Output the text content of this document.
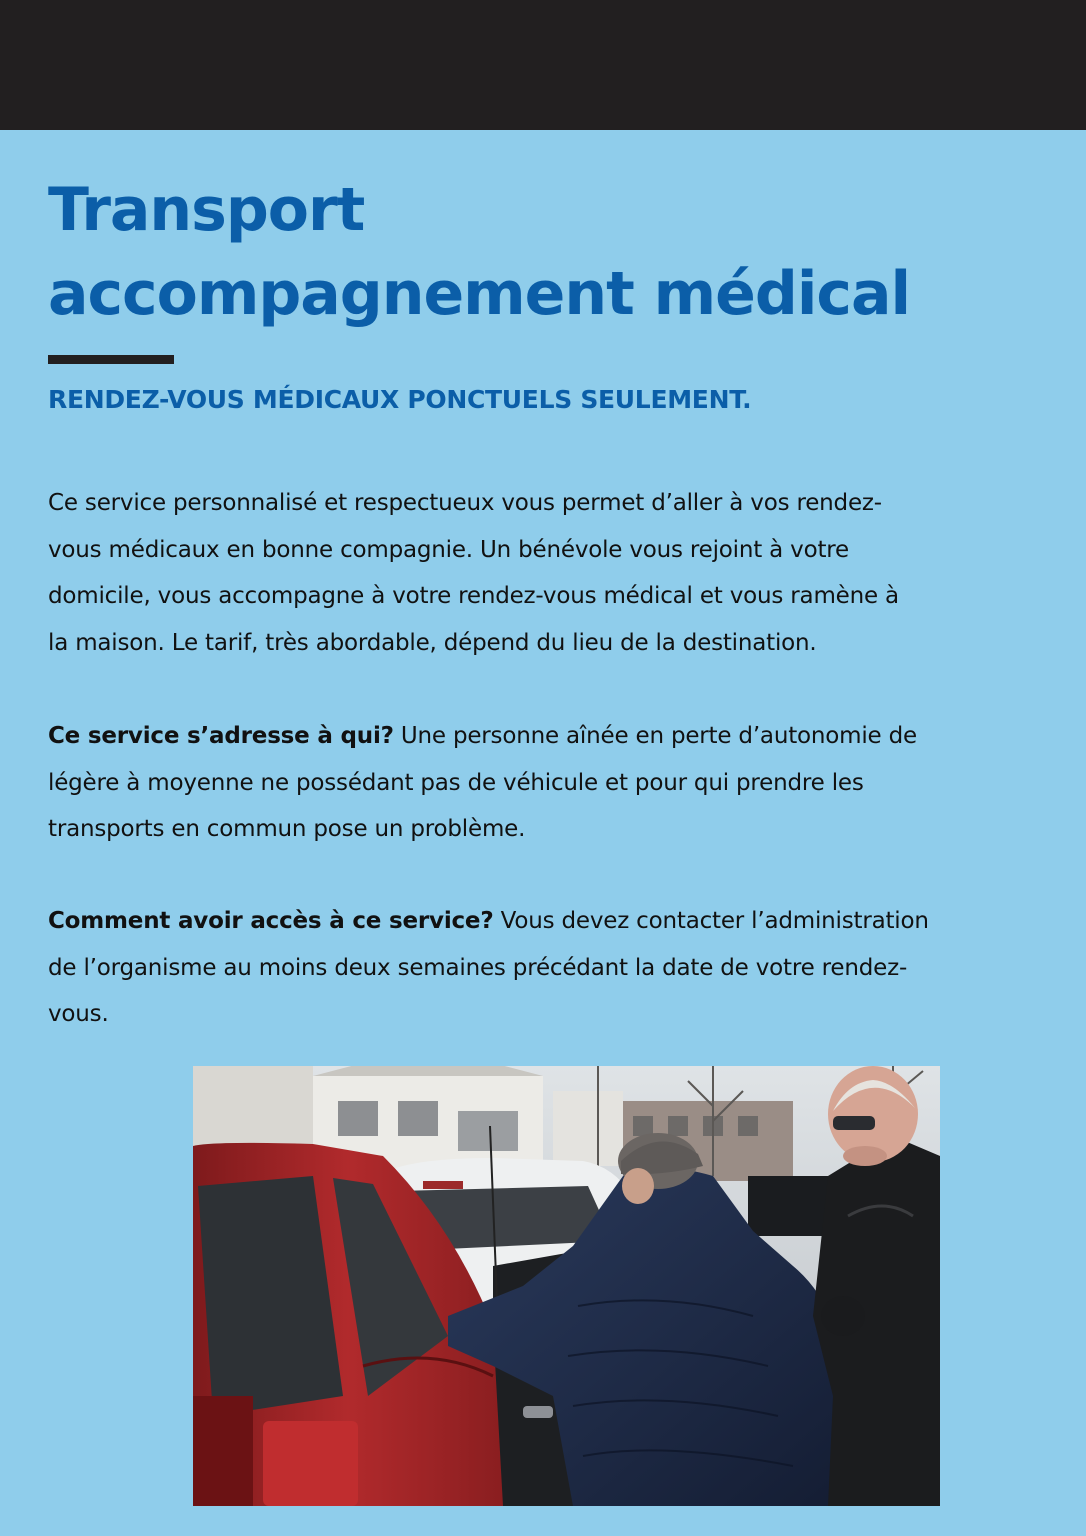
Transport
accompagnement médical
RENDEZ-VOUS MÉDICAUX PONCTUELS SEULEMENT.

Ce service personnalisé et respectueux vous permet d’aller à vos rendez-
vous médicaux en bonne compagnie. Un bénévole vous rejoint à votre
domicile, vous accompagne à votre rendez-vous médical et vous ramène à
la maison. Le tarif, très abordable, dépend du lieu de la destination.

Ce service s’adresse à qui? Une personne aînée en perte d’autonomie de
légère à moyenne ne possédant pas de véhicule et pour qui prendre les
transports en commun pose un problème.

Comment avoir accès à ce service? Vous devez contacter l’administration
de l’organisme au moins deux semaines précédant la date de votre rendez-
vous.
